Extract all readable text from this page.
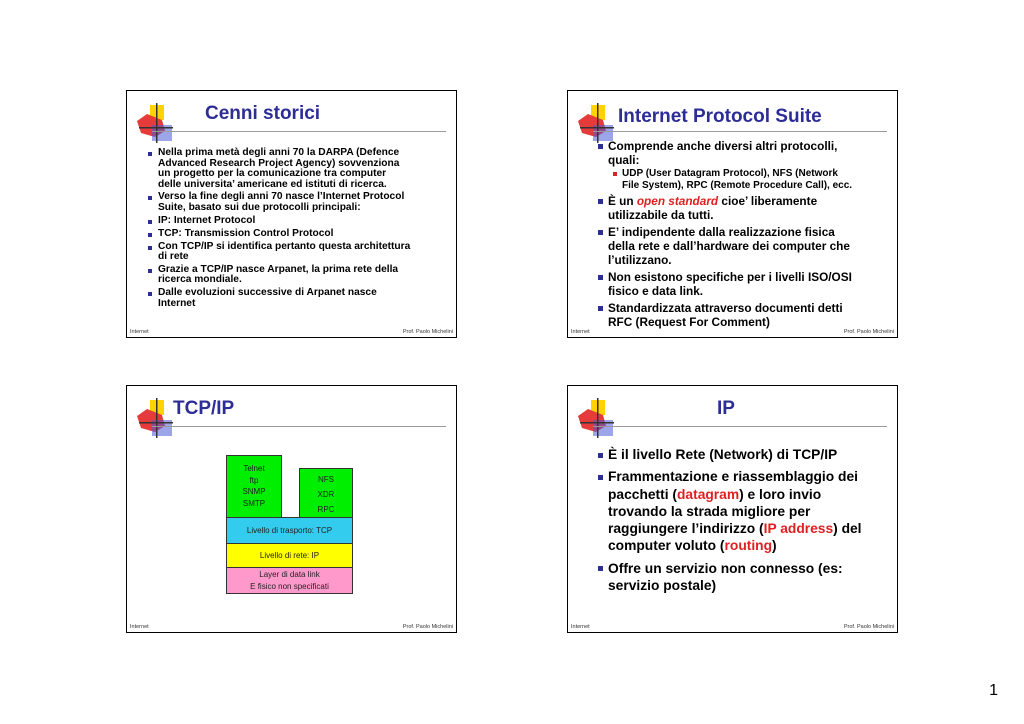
Cenni storici
Nella prima metà degli anni 70 la DARPA (Defence
Advanced Research Project Agency) sovvenziona
un progetto per la comunicazione tra computer
delle universita’ americane ed istituti di ricerca.
Verso la fine degli anni 70 nasce l’Internet Protocol
Suite, basato sui due protocolli principali:
IP: Internet Protocol
TCP: Transmission Control Protocol
Con TCP/IP si identifica pertanto questa architettura
di rete
Grazie a TCP/IP nasce Arpanet, la prima rete della
ricerca mondiale.
Dalle evoluzioni successive di Arpanet nasce
Internet
Internet	Prof. Paolo Michelini
Internet Protocol Suite
Comprende anche diversi altri protocolli,
quali:
UDP (User Datagram Protocol), NFS (Network
File System), RPC (Remote Procedure Call), ecc.
È un open standard cioe’ liberamente
utilizzabile da tutti.
E’ indipendente dalla realizzazione fisica
della rete e dall’hardware dei computer che
l’utilizzano.
Non esistono specifiche per i livelli ISO/OSI
fisico e data link.
Standardizzata attraverso documenti detti
RFC (Request For Comment)
Internet	Prof. Paolo Michelini
TCP/IP
Telnet
ftp
SNMP
SMTP
NFS
XDR
RPC
Livello di trasporto: TCP
Livello di rete: IP
Layer di data link
E fisico non specificati
Internet	Prof. Paolo Michelini
IP
È il livello Rete (Network) di TCP/IP
Frammentazione e riassemblaggio dei
pacchetti (datagram) e loro invio
trovando la strada migliore per
raggiungere l’indirizzo (IP address) del
computer voluto (routing)
Offre un servizio non connesso (es:
servizio postale)
Internet	Prof. Paolo Michelini
1
